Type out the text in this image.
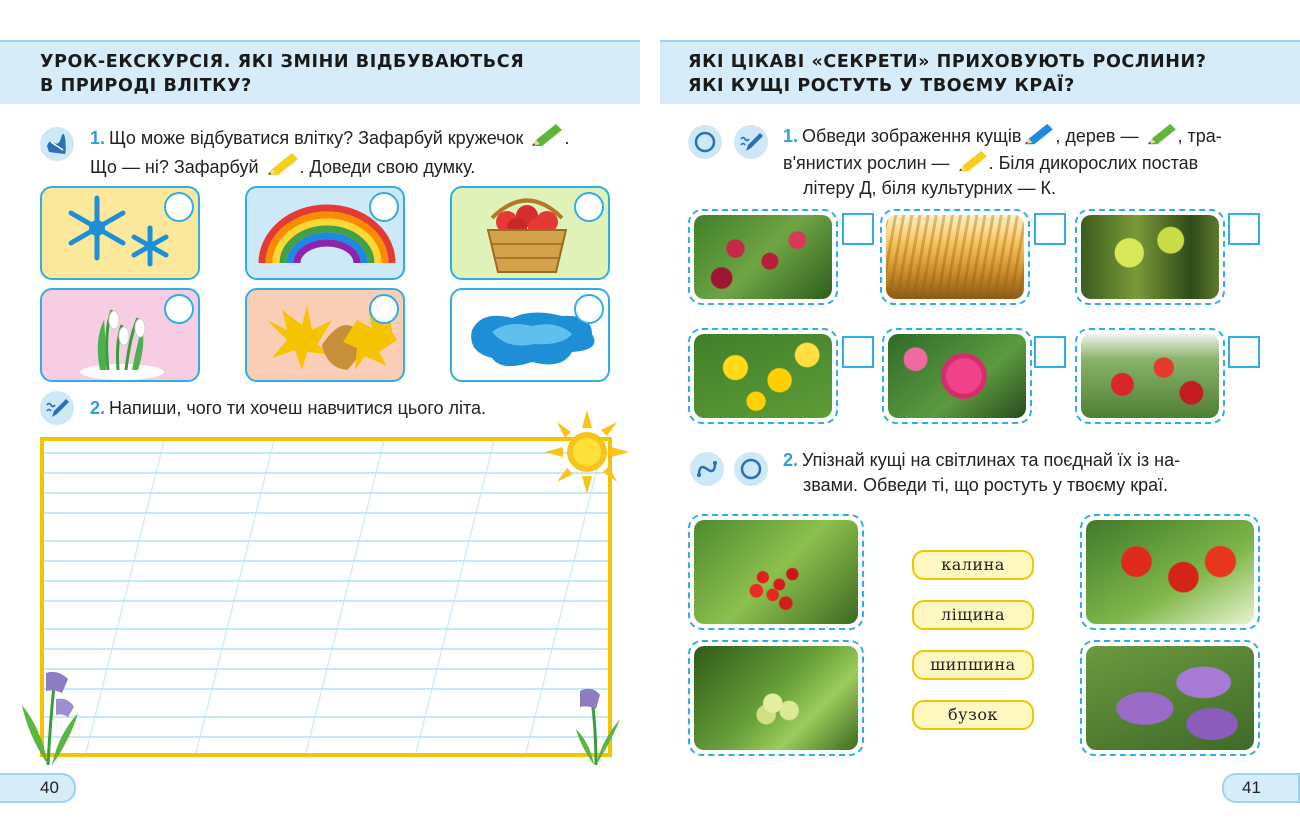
УРОК-ЕКСКУРСІЯ. ЯКІ ЗМІНИ ВІДБУВАЮТЬСЯ
В ПРИРОДІ ВЛІТКУ?
1. Що може відбуватися влітку? Зафарбуй кружечок .
Що — ні? Зафарбуй . Доведи свою думку.
2. Напиши, чого ти хочеш навчитися цього літа.
40
ЯКІ ЦІКАВІ «СЕКРЕТИ» ПРИХОВУЮТЬ РОСЛИНИ?
ЯКІ КУЩІ РОСТУТЬ У ТВОЄМУ КРАЇ?
1. Обведи зображення кущів , дерев — , тра-
в'янистих рослин — . Біля дикорослих постав
літеру Д, біля культурних — К.
2. Упізнай кущі на світлинах та поєднай їх із на-
звами. Обведи ті, що ростуть у твоєму краї.
калина
ліщина
шипшина
бузок
41
